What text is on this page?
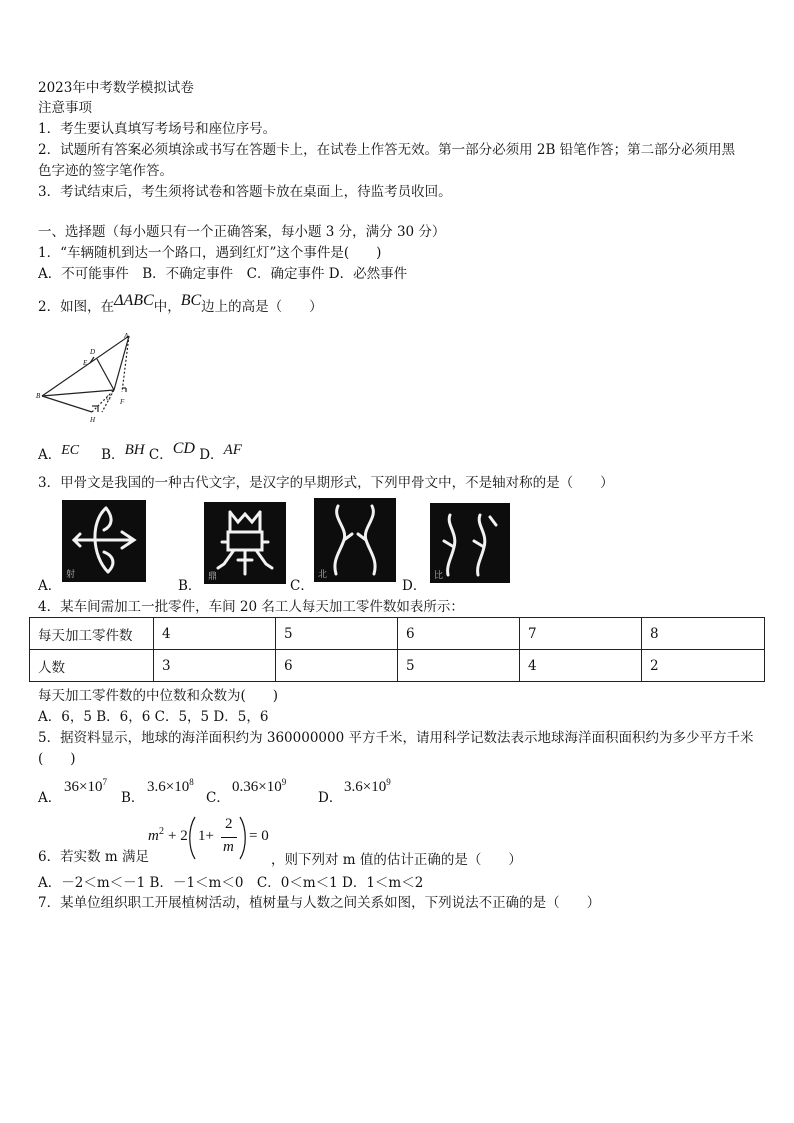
2023年中考数学模拟试卷
注意事项
1．考生要认真填写考场号和座位序号。
2．试题所有答案必须填涂或书写在答题卡上，在试卷上作答无效。第一部分必须用 2B 铅笔作答；第二部分必须用黑
色字迹的签字笔作答。
3．考试结束后，考生须将试卷和答题卡放在桌面上，待监考员收回。
一、选择题（每小题只有一个正确答案，每小题 3 分，满分 30 分）
1．“车辆随机到达一个路口，遇到红灯”这个事件是(　　)
A．不可能事件　B．不确定事件　C．确定事件 D．必然事件
2．如图，在ΔABC中，BC边上的高是（　　）
A
D
E
B	C F
H
A．EC B．BH C．CD D．AF
3．甲骨文是我国的一种古代文字，是汉字的早期形式，下列甲骨文中，不是轴对称的是（　　）
射	鼎	北	比
A．	B．	C．	D．
4．某车间需加工一批零件，车间 20 名工人每天加工零件数如表所示：
每天加工零件数	4	5	6	7	8
人数	3	6	5	4	2
每天加工零件数的中位数和众数为(　　)
A．6，5 B．6，6 C．5，5 D．5，6
5．据资料显示，地球的海洋面积约为 360000000 平方千米，请用科学记数法表示地球海洋面积面积约为多少平方千米
(　　)
A．
$36\times 10^7$
B．
$3.6\times 10^8$
C．
$0.36\times 10^9$
D．
$3.6\times 10^9$
m 2 + 2 1+
2
m
= 0
6．若实数 m 满足	，则下列对 m 值的估计正确的是（　　）
A．－2＜m＜－1 B．－1＜m＜0　C．0＜m＜1 D．1＜m＜2
7．某单位组织职工开展植树活动，植树量与人数之间关系如图，下列说法不正确的是（　　）
